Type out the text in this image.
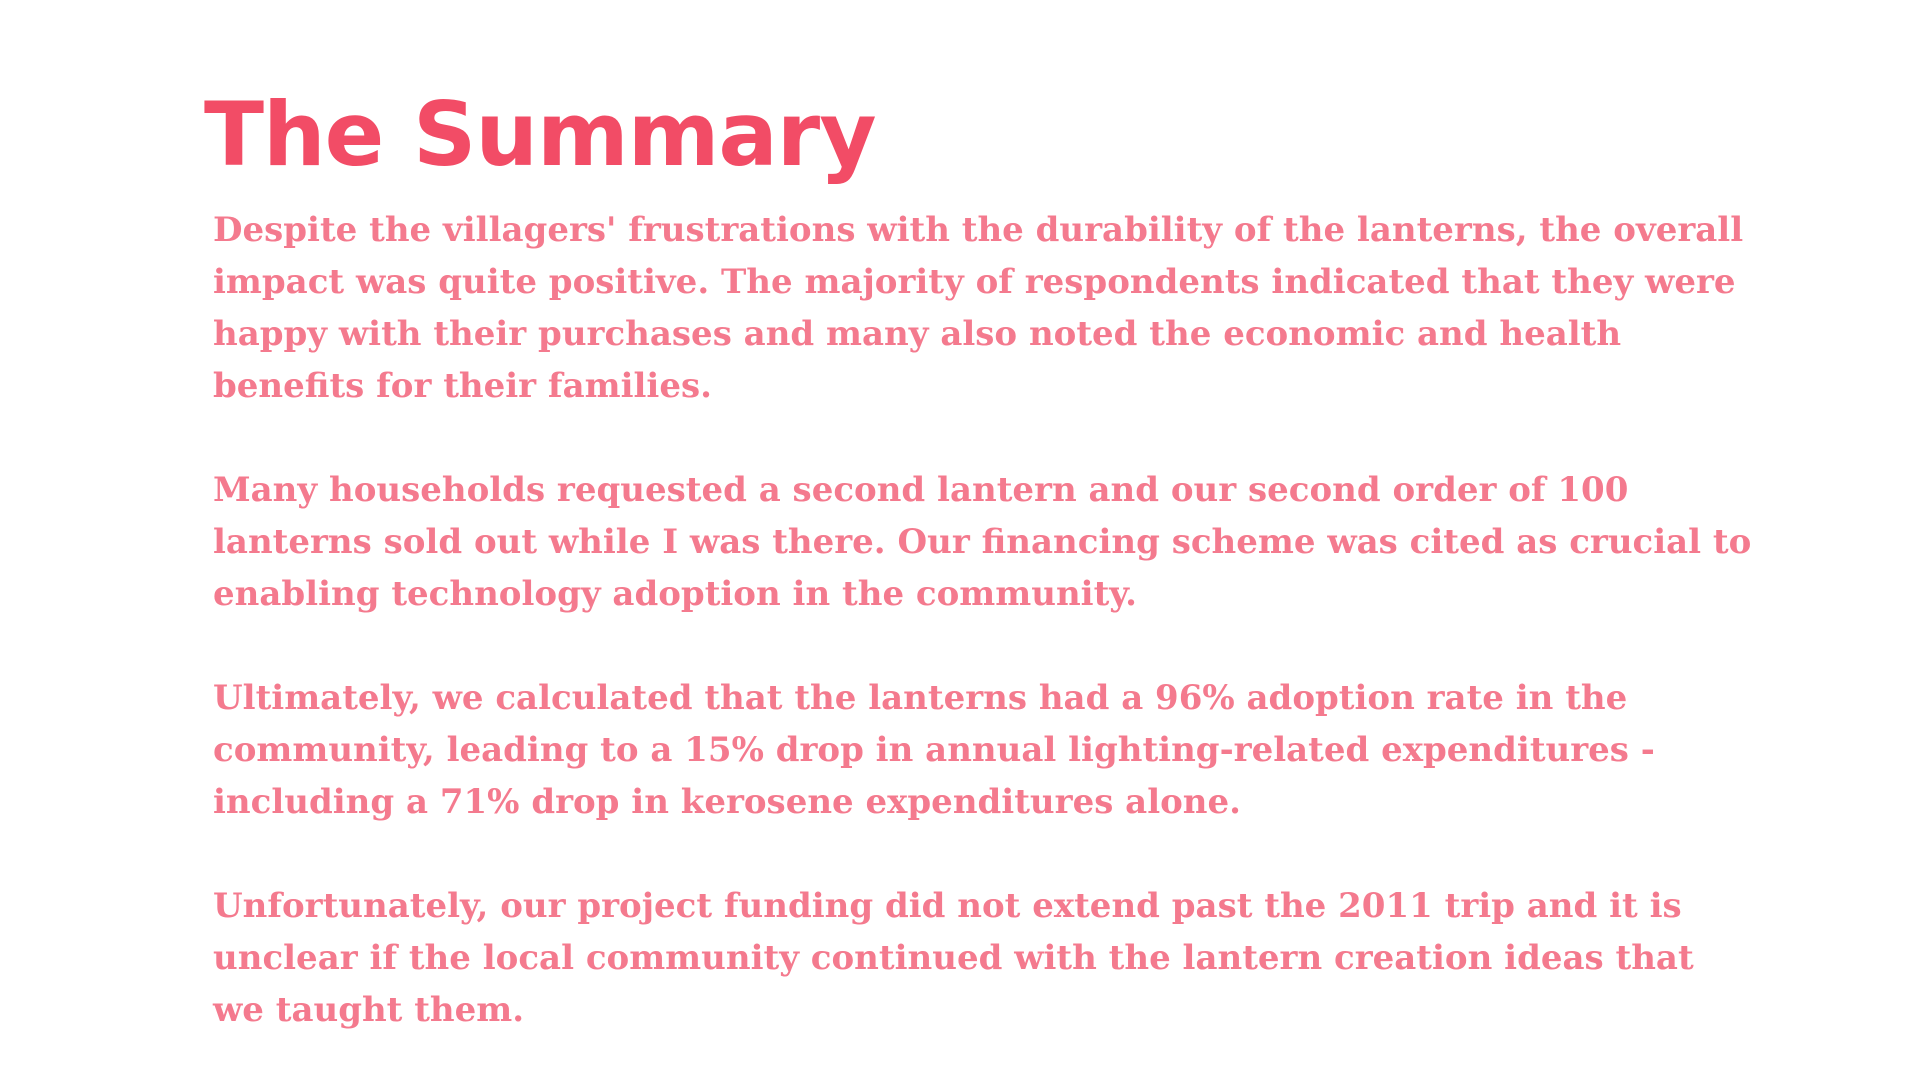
The Summary

Despite the villagers' frustrations with the durability of the lanterns, the overall impact was quite positive. The majority of respondents indicated that they were happy with their purchases and many also noted the economic and health benefits for their families.

Many households requested a second lantern and our second order of 100 lanterns sold out while I was there. Our financing scheme was cited as crucial to enabling technology adoption in the community.

Ultimately, we calculated that the lanterns had a 96% adoption rate in the community, leading to a 15% drop in annual lighting-related expenditures - including a 71% drop in kerosene expenditures alone.

Unfortunately, our project funding did not extend past the 2011 trip and it is unclear if the local community continued with the lantern creation ideas that we taught them.
